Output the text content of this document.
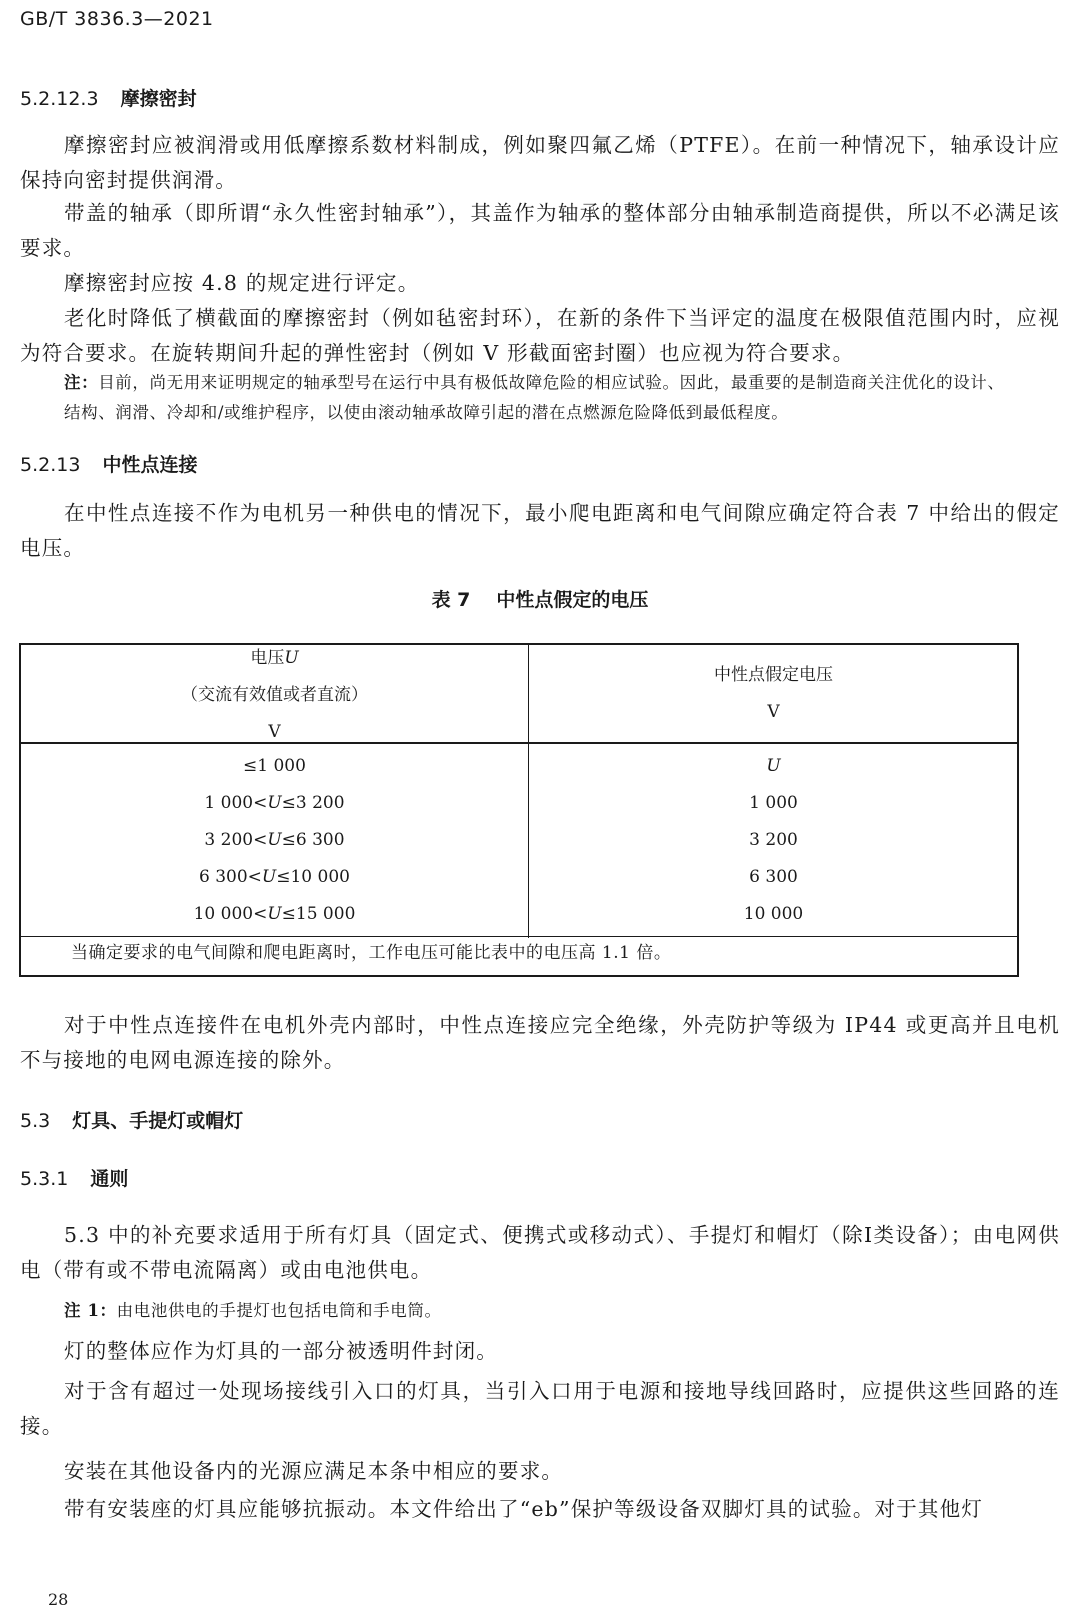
GB/T 3836.3—2021
5.2.12.3 摩擦密封

摩擦密封应被润滑或用低摩擦系数材料制成，例如聚四氟乙烯（PTFE）。在前一种情况下，轴承设计应保持向密封提供润滑。

带盖的轴承（即所谓“永久性密封轴承”），其盖作为轴承的整体部分由轴承制造商提供，所以不必满足该要求。

摩擦密封应按 4.8 的规定进行评定。

老化时降低了横截面的摩擦密封（例如毡密封环），在新的条件下当评定的温度在极限值范围内时，应视为符合要求。在旋转期间升起的弹性密封（例如 V 形截面密封圈）也应视为符合要求。

注：目前，尚无用来证明规定的轴承型号在运行中具有极低故障危险的相应试验。因此，最重要的是制造商关注优化的设计、结构、润滑、冷却和/或维护程序，以使由滚动轴承故障引起的潜在点燃源危险降低到最低程度。
5.2.13 中性点连接

在中性点连接不作为电机另一种供电的情况下，最小爬电距离和电气间隙应确定符合表 7 中给出的假定电压。

表 7 中性点假定的电压
电压U
（交流有效值或者直流）
V
中性点假定电压
V
≤1 000	U
1 000<U≤3 200	1 000
3 200<U≤6 300	3 200
6 300<U≤10 000	6 300
10 000<U≤15 000	10 000
当确定要求的电气间隙和爬电距离时，工作电压可能比表中的电压高 1.1 倍。

对于中性点连接件在电机外壳内部时，中性点连接应完全绝缘，外壳防护等级为 IP44 或更高并且电机不与接地的电网电源连接的除外。

5.3 灯具、手提灯或帽灯
5.3.1 通则

5.3 中的补充要求适用于所有灯具（固定式、便携式或移动式）、手提灯和帽灯（除Ⅰ类设备）；由电网供电（带有或不带电流隔离）或由电池供电。

注 1：由电池供电的手提灯也包括电筒和手电筒。

灯的整体应作为灯具的一部分被透明件封闭。

对于含有超过一处现场接线引入口的灯具，当引入口用于电源和接地导线回路时，应提供这些回路的连接。

安装在其他设备内的光源应满足本条中相应的要求。

带有安装座的灯具应能够抗振动。本文件给出了“eb”保护等级设备双脚灯具的试验。对于其他灯

28
